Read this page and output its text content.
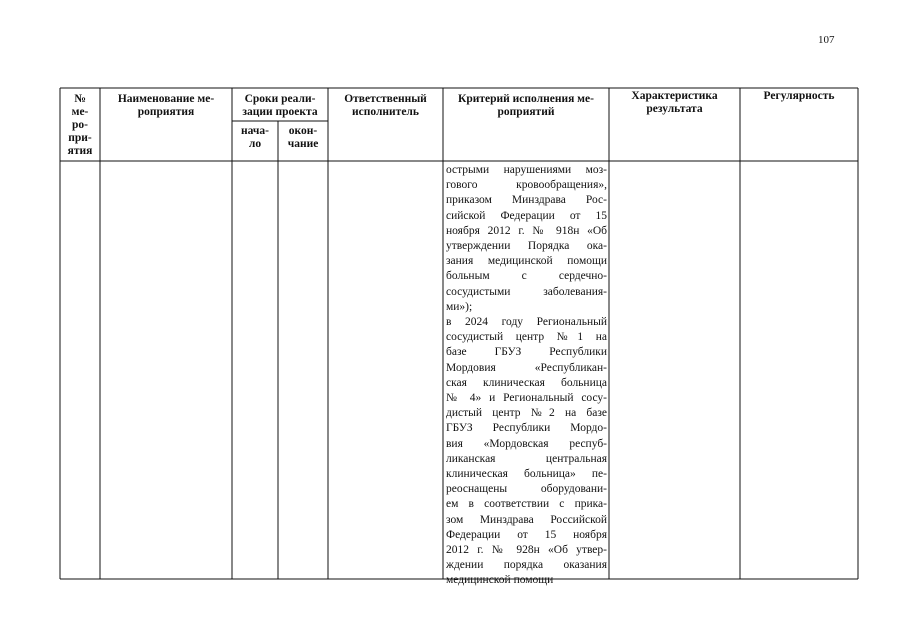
107
№
ме-
ро-
при-
ятия
Наименование ме-
роприятия
Сроки реали-
зации проекта
нача-
ло
окон-
чание
Ответственный
исполнитель
Критерий исполнения ме-
роприятий
Характеристика
результата
Регулярность
острыми нарушениями моз-
гового кровообращения»,
приказом Минздрава Рос-
сийской Федерации от 15
ноября 2012 г. № 918н «Об
утверждении Порядка ока-
зания медицинской помощи
больным с сердечно-
сосудистыми заболевания-
ми»);
в 2024 году Региональный
сосудистый центр №1 на
базе ГБУЗ Республики
Мордовия «Республикан-
ская клиническая больница
№ 4» и Региональный сосу-
дистый центр №2 на базе
ГБУЗ Республики Мордо-
вия «Мордовская респуб-
ликанская центральная
клиническая больница» пе-
реоснащены оборудовани-
ем в соответствии с прика-
зом Минздрава Российской
Федерации от 15 ноября
2012 г. № 928н «Об утвер-
ждении порядка оказания
медицинской помощи
